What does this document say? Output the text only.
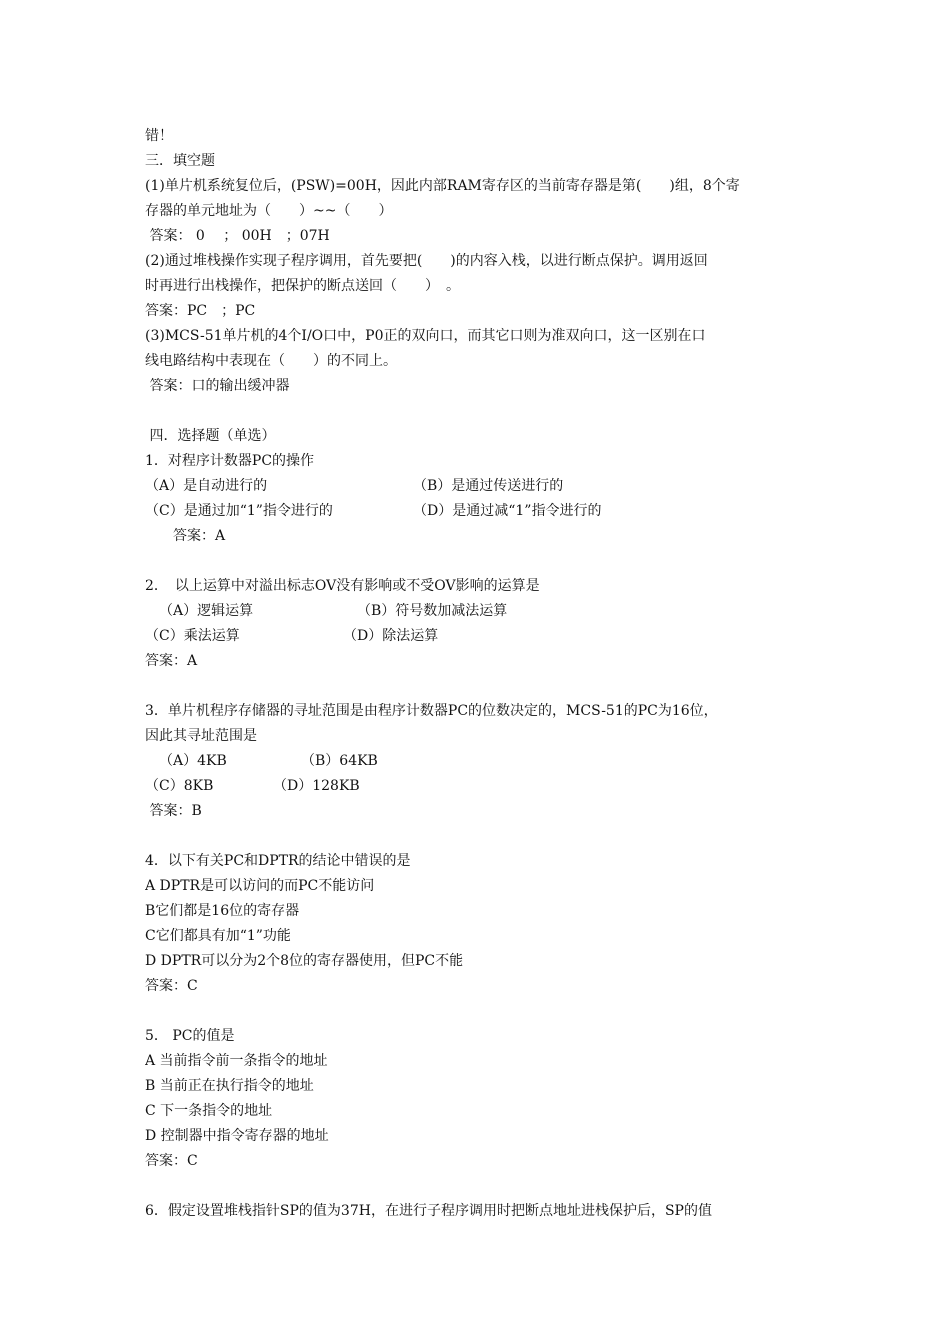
错！
三．填空题
(1)单片机系统复位后，(PSW)=00H，因此内部RAM寄存区的当前寄存器是第(　　)组，8个寄
存器的单元地址为（　　）~~（　　）
答案： 0　 ； 00H　；07H
(2)通过堆栈操作实现子程序调用，首先要把(　　)的内容入栈，以进行断点保护。调用返回
时再进行出栈操作，把保护的断点送回（　　）　。
答案：PC　；PC
(3)MCS-51单片机的4个I/O口中，P0正的双向口，而其它口则为准双向口，这一区别在口
线电路结构中表现在（　　）的不同上。
答案：口的输出缓冲器
四．选择题（单选）
1．对程序计数器PC的操作
（A）是自动进行的	（B）是通过传送进行的
（C）是通过加“1”指令进行的	（D）是通过减“1”指令进行的
　　答案：A
2．　以上运算中对溢出标志OV没有影响或不受OV影响的运算是
（A）逻辑运算	（B）符号数加减法运算
（C）乘法运算	（D）除法运算
答案：A
3．单片机程序存储器的寻址范围是由程序计数器PC的位数决定的，MCS-51的PC为16位，
因此其寻址范围是
（A）4KB	（B）64KB
（C）8KB	（D）128KB
答案：B
4．以下有关PC和DPTR的结论中错误的是
A DPTR是可以访问的而PC不能访问
B它们都是16位的寄存器
C它们都具有加“1”功能
D DPTR可以分为2个8位的寄存器使用，但PC不能
答案：C
5． PC的值是
A 当前指令前一条指令的地址
B 当前正在执行指令的地址
C 下一条指令的地址
D 控制器中指令寄存器的地址
答案：C
6．假定设置堆栈指针SP的值为37H，在进行子程序调用时把断点地址进栈保护后，SP的值
